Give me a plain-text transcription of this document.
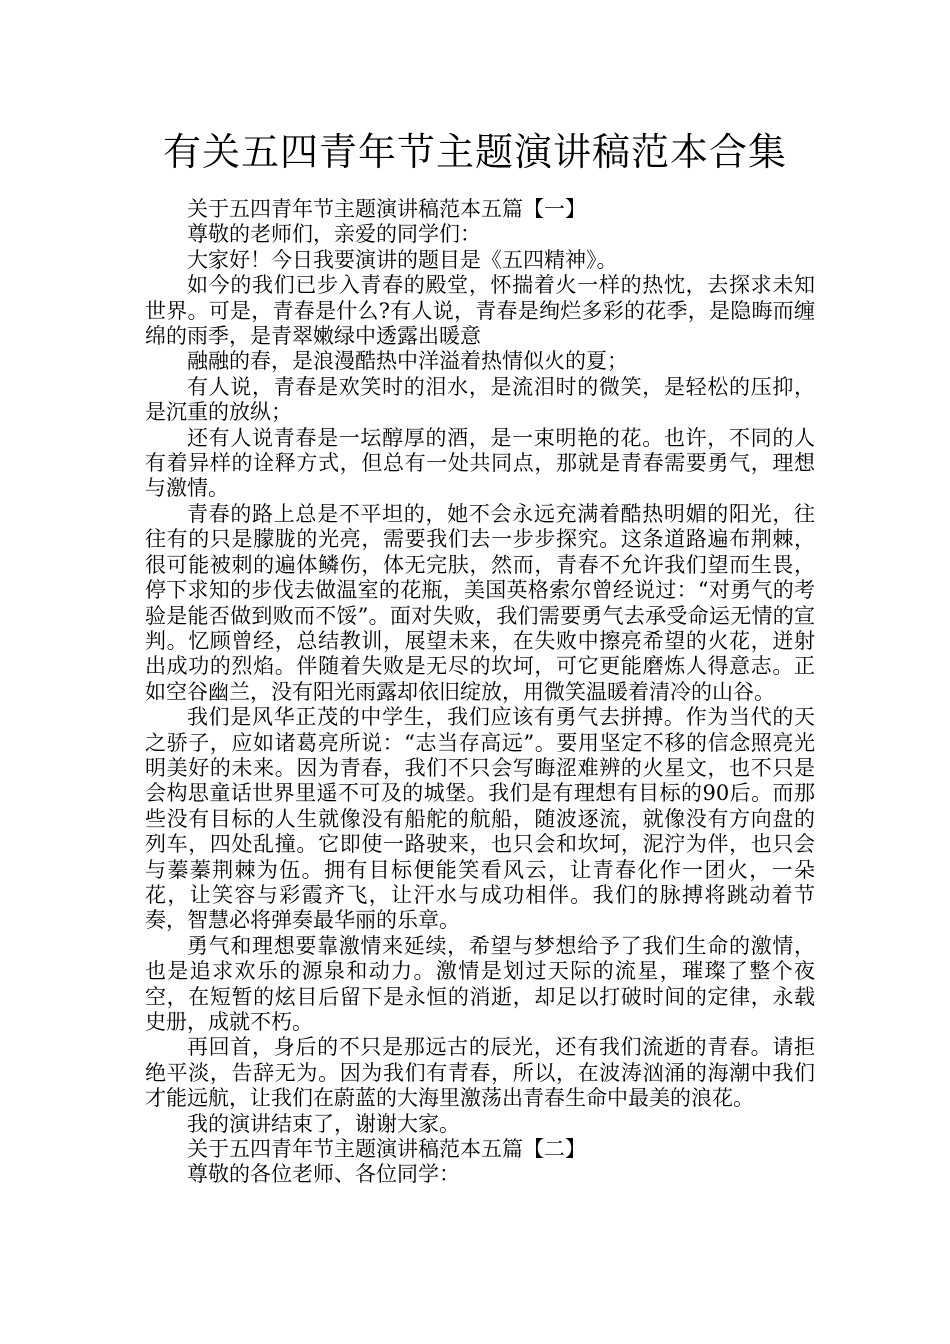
有关五四青年节主题演讲稿范本合集

关于五四青年节主题演讲稿范本五篇【一】

尊敬的老师们，亲爱的同学们：

大家好！今日我要演讲的题目是《五四精神》。

如今的我们已步入青春的殿堂，怀揣着火一样的热忱，去探求未知世界。可是，青春是什么?有人说，青春是绚烂多彩的花季，是隐晦而缠绵的雨季，是青翠嫩绿中透露出暖意

融融的春，是浪漫酷热中洋溢着热情似火的夏；

有人说，青春是欢笑时的泪水，是流泪时的微笑，是轻松的压抑，是沉重的放纵；

还有人说青春是一坛醇厚的酒，是一束明艳的花。也许，不同的人有着异样的诠释方式，但总有一处共同点，那就是青春需要勇气，理想与激情。

青春的路上总是不平坦的，她不会永远充满着酷热明媚的阳光，往往有的只是朦胧的光亮，需要我们去一步步探究。这条道路遍布荆棘，很可能被刺的遍体鳞伤，体无完肤，然而，青春不允许我们望而生畏，停下求知的步伐去做温室的花瓶，美国英格索尔曾经说过：“对勇气的考验是能否做到败而不馁”。面对失败，我们需要勇气去承受命运无情的宣判。忆顾曾经，总结教训，展望未来，在失败中擦亮希望的火花，迸射出成功的烈焰。伴随着失败是无尽的坎坷，可它更能磨炼人得意志。正如空谷幽兰，没有阳光雨露却依旧绽放，用微笑温暖着清冷的山谷。

我们是风华正茂的中学生，我们应该有勇气去拼搏。作为当代的天之骄子，应如诸葛亮所说：“志当存高远”。要用坚定不移的信念照亮光明美好的未来。因为青春，我们不只会写晦涩难辨的火星文，也不只是会构思童话世界里遥不可及的城堡。我们是有理想有目标的90后。而那些没有目标的人生就像没有船舵的航船，随波逐流，就像没有方向盘的列车，四处乱撞。它即使一路驶来，也只会和坎坷，泥泞为伴，也只会与蓁蓁荆棘为伍。拥有目标便能笑看风云，让青春化作一团火，一朵花，让笑容与彩霞齐飞，让汗水与成功相伴。我们的脉搏将跳动着节奏，智慧必将弹奏最华丽的乐章。

勇气和理想要靠激情来延续，希望与梦想给予了我们生命的激情，也是追求欢乐的源泉和动力。激情是划过天际的流星，璀璨了整个夜空，在短暂的炫目后留下是永恒的消逝，却足以打破时间的定律，永载史册，成就不朽。

再回首，身后的不只是那远古的辰光，还有我们流逝的青春。请拒绝平淡，告辞无为。因为我们有青春，所以，在波涛汹涌的海潮中我们才能远航，让我们在蔚蓝的大海里激荡出青春生命中最美的浪花。

我的演讲结束了，谢谢大家。

关于五四青年节主题演讲稿范本五篇【二】

尊敬的各位老师、各位同学：
